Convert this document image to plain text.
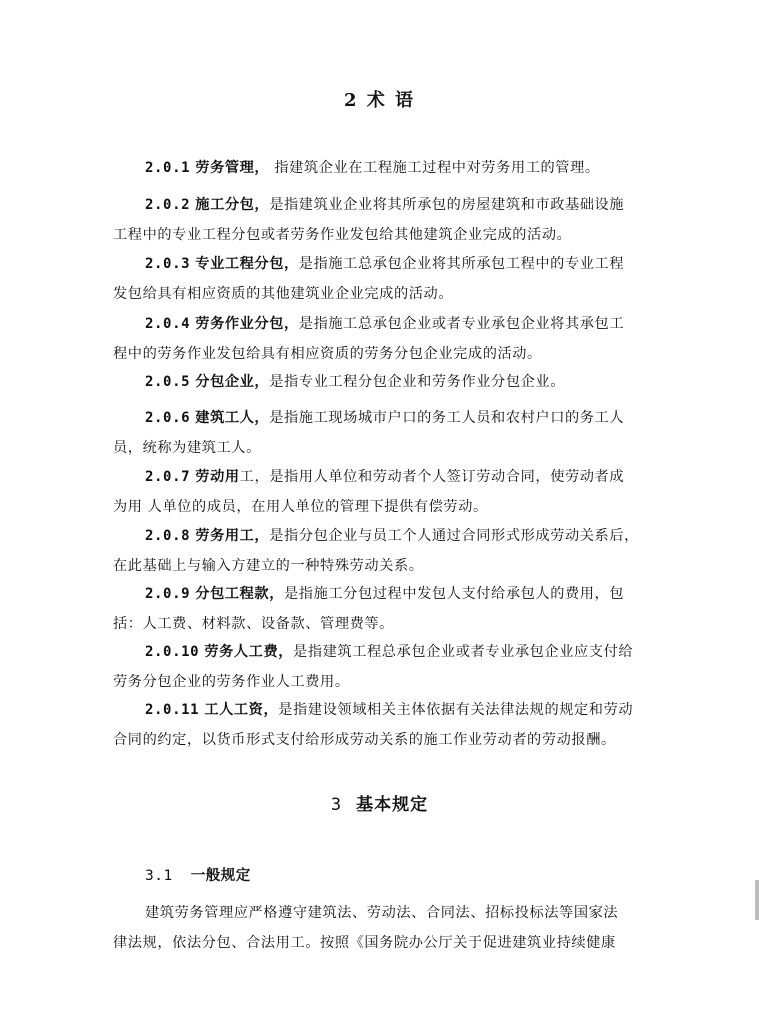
2 术 语
2.0.1 劳务管理， 指建筑企业在工程施工过程中对劳务用工的管理。
2.0.2 施工分包，是指建筑业企业将其所承包的房屋建筑和市政基础设施
工程中的专业工程分包或者劳务作业发包给其他建筑企业完成的活动。
2.0.3 专业工程分包，是指施工总承包企业将其所承包工程中的专业工程
发包给具有相应资质的其他建筑业企业完成的活动。
2.0.4 劳务作业分包，是指施工总承包企业或者专业承包企业将其承包工
程中的劳务作业发包给具有相应资质的劳务分包企业完成的活动。
2.0.5 分包企业，是指专业工程分包企业和劳务作业分包企业。
2.0.6 建筑工人，是指施工现场城市户口的务工人员和农村户口的务工人
员，统称为建筑工人。
2.0.7 劳动用工，是指用人单位和劳动者个人签订劳动合同，使劳动者成
为用 人单位的成员，在用人单位的管理下提供有偿劳动。
2.0.8 劳务用工，是指分包企业与员工个人通过合同形式形成劳动关系后，
在此基础上与输入方建立的一种特殊劳动关系。
2.0.9 分包工程款，是指施工分包过程中发包人支付给承包人的费用，包
括：人工费、材料款、设备款、管理费等。
2.0.10 劳务人工费，是指建筑工程总承包企业或者专业承包企业应支付给
劳务分包企业的劳务作业人工费用。
2.0.11 工人工资，是指建设领域相关主体依据有关法律法规的规定和劳动
合同的约定，以货币形式支付给形成劳动关系的施工作业劳动者的劳动报酬。
3 基本规定
3.1 一般规定
建筑劳务管理应严格遵守建筑法、劳动法、合同法、招标投标法等国家法
律法规，依法分包、合法用工。按照《国务院办公厅关于促进建筑业持续健康
